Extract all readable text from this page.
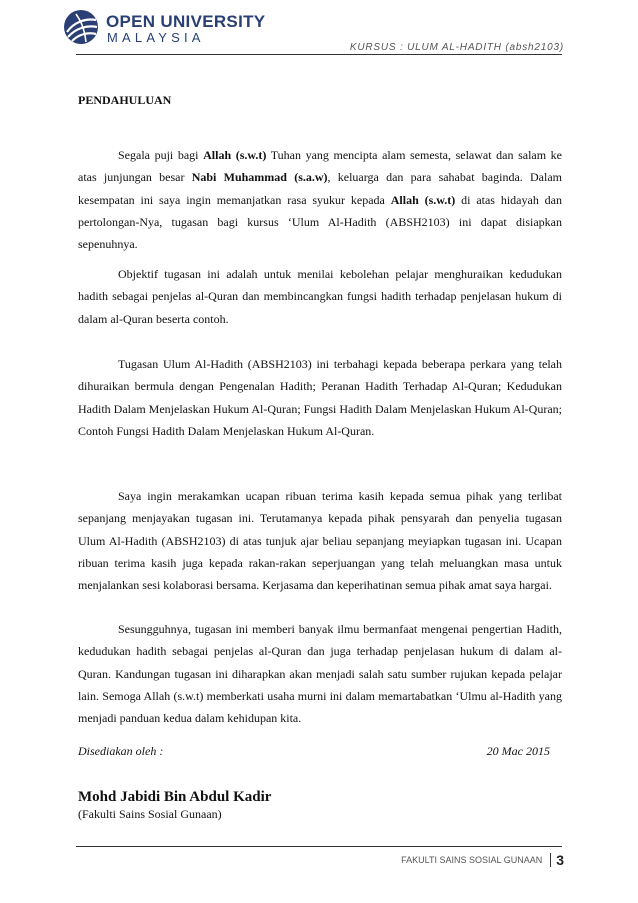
OPEN UNIVERSITY
MALAYSIA
KURSUS : ULUM AL-HADITH (absh2103)
PENDAHULUAN

Segala puji bagi Allah (s.w.t) Tuhan yang mencipta alam semesta, selawat dan salam ke atas junjungan besar Nabi Muhammad (s.a.w), keluarga dan para sahabat baginda. Dalam kesempatan ini saya ingin memanjatkan rasa syukur kepada Allah (s.w.t) di atas hidayah dan pertolongan-Nya, tugasan bagi kursus ‘Ulum Al-Hadith (ABSH2103) ini dapat disiapkan sepenuhnya.

Objektif tugasan ini adalah untuk menilai kebolehan pelajar menghuraikan kedudukan hadith sebagai penjelas al-Quran dan membincangkan fungsi hadith terhadap penjelasan hukum di dalam al-Quran beserta contoh.

Tugasan Ulum Al-Hadith (ABSH2103) ini terbahagi kepada beberapa perkara yang telah dihuraikan bermula dengan Pengenalan Hadith; Peranan Hadith Terhadap Al-Quran; Kedudukan Hadith Dalam Menjelaskan Hukum Al-Quran; Fungsi Hadith Dalam Menjelaskan Hukum Al-Quran; Contoh Fungsi Hadith Dalam Menjelaskan Hukum Al-Quran.

Saya ingin merakamkan ucapan ribuan terima kasih kepada semua pihak yang terlibat sepanjang menjayakan tugasan ini. Terutamanya kepada pihak pensyarah dan penyelia tugasan Ulum Al-Hadith (ABSH2103) di atas tunjuk ajar beliau sepanjang meyiapkan tugasan ini. Ucapan ribuan terima kasih juga kepada rakan-rakan seperjuangan yang telah meluangkan masa untuk menjalankan sesi kolaborasi bersama. Kerjasama dan keperihatinan semua pihak amat saya hargai.

Sesungguhnya, tugasan ini memberi banyak ilmu bermanfaat mengenai pengertian Hadith, kedudukan hadith sebagai penjelas al-Quran dan juga terhadap penjelasan hukum di dalam al-Quran. Kandungan tugasan ini diharapkan akan menjadi salah satu sumber rujukan kepada pelajar lain. Semoga Allah (s.w.t) memberkati usaha murni ini dalam memartabatkan ‘Ulmu al-Hadith yang menjadi panduan kedua dalam kehidupan kita.

Disediakan oleh :	20 Mac 2015
Mohd Jabidi Bin Abdul Kadir
(Fakulti Sains Sosial Gunaan)
FAKULTI SAINS SOSIAL GUNAAN 3
